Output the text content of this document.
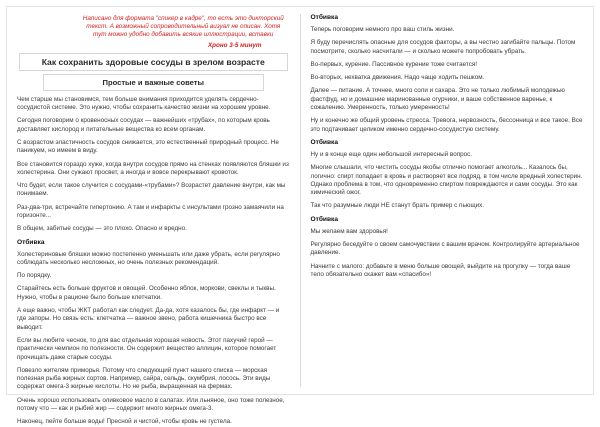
Написано для формата "спикер в кадре", то есть это дикторский текст. А возможный сопроводительный визуал не описан. Хотя тут можно удобно добавить всякие иллюстрации, вставки
Хроно 3-5 минут
Как сохранить здоровые сосуды в зрелом возрасте
Простые и важные советы

Чем старше мы становимся, тем больше внимания приходится уделять сердечно-сосудистой системе. Это нужно, чтобы сохранить качество жизни на хорошем уровне.

Сегодня поговорим о кровеносных сосудах — важнейших «трубах», по которым кровь доставляет кислород и питательные вещества ко всем органам.

С возрастом эластичность сосудов снижается, это естественный природный процесс. Не паникуем, но имеем в виду.

Все становится гораздо хуже, когда внутри сосудов прямо на стенках появляются бляшки из холестерина. Они сужают просвет, а иногда и вовсе перекрывают кровоток.

Что будет, если такое случится с сосудами-«трубами»? Возрастет давление внутри, как мы понимаем.

Раз-два-три, встречайте гипертонию. А там и инфаркты с инсультами грозно замаячили на горизонте...

В общем, забитые сосуды — это плохо. Опасно и вредно.

Отбивка

Холестериновые бляшки можно постепенно уменьшать или даже убрать, если регулярно соблюдать несколько несложных, но очень полезных рекомендаций.

По порядку.

Старайтесь есть больше фруктов и овощей. Особенно яблок, моркови, свеклы и тыквы. Нужно, чтобы в рационе было больше клетчатки.

А еще важно, чтобы ЖКТ работал как следует. Да-да, хотя казалось бы, где инфаркт — и где запоры. Но связь есть: клетчатка — важное звено, работа кишечника быстро все выводит.

Если вы любите чеснок, то для вас отдельная хорошая новость. Этот пахучий герой — практически чемпион по полезности. Он содержит вещество аллицин, которое помогает прочищать даже старые сосуды.

Повезло жителям приморья. Потому что следующий пункт нашего списка — морская полезная рыба жирных сортов. Например, сайра, сельдь, скумбрия, лосось. Эти виды содержат омега-3 жирные кислоты. Но не рыба, выращенная на фермах.

Очень хорошо использовать оливковое масло в салатах. Или льняное, оно тоже полезное, потому что — как и рыбий жир — содержит много жирных омега-3.

Наконец, пейте больше воды! Пресной и чистой, чтобы кровь не густела.

Отбивка

Теперь поговорим немного про ваш стиль жизни.

Я буду перечислять опасные для сосудов факторы, а вы честно загибайте пальцы. Потом посмотрите, сколько насчитали — и сколько можете попробовать убрать.

Во-первых, курение. Пассивное курение тоже считается!

Во-вторых, нехватка движения. Надо чаще ходить пешком.

Далее — питание. А точнее, много соли и сахара. Это не только любимый молодежью фастфуд, но и домашние маринованные огурчики, и ваше собственное варенье, к сожалению. Умеренность, только умеренность!

Ну и конечно же общий уровень стресса. Тревога, нервозность, бессонница и все такое. Все это подтачивает целиком именно сердечно-сосудистую систему.

Отбивка

Ну и в конце еще один небольшой интересный вопрос.

Многие слышали, что чистить сосуды якобы отлично помогает алкоголь... Казалось бы, логично: спирт попадает в кровь и растворяет все подряд, в том числе вредный холестерин. Однако проблема в том, что одновременно спиртом повреждаются и сами сосуды. Это как химический ожог.

Так что разумные люди НЕ станут брать пример с пьющих.

Отбивка

Мы желаем вам здоровья!

Регулярно беседуйте о своем самочувствии с вашим врачом. Контролируйте артериальное давление.

Начните с малого: добавьте в меню больше овощей, выйдите на прогулку — тогда ваше тело обязательно скажет вам «спасибо»!
